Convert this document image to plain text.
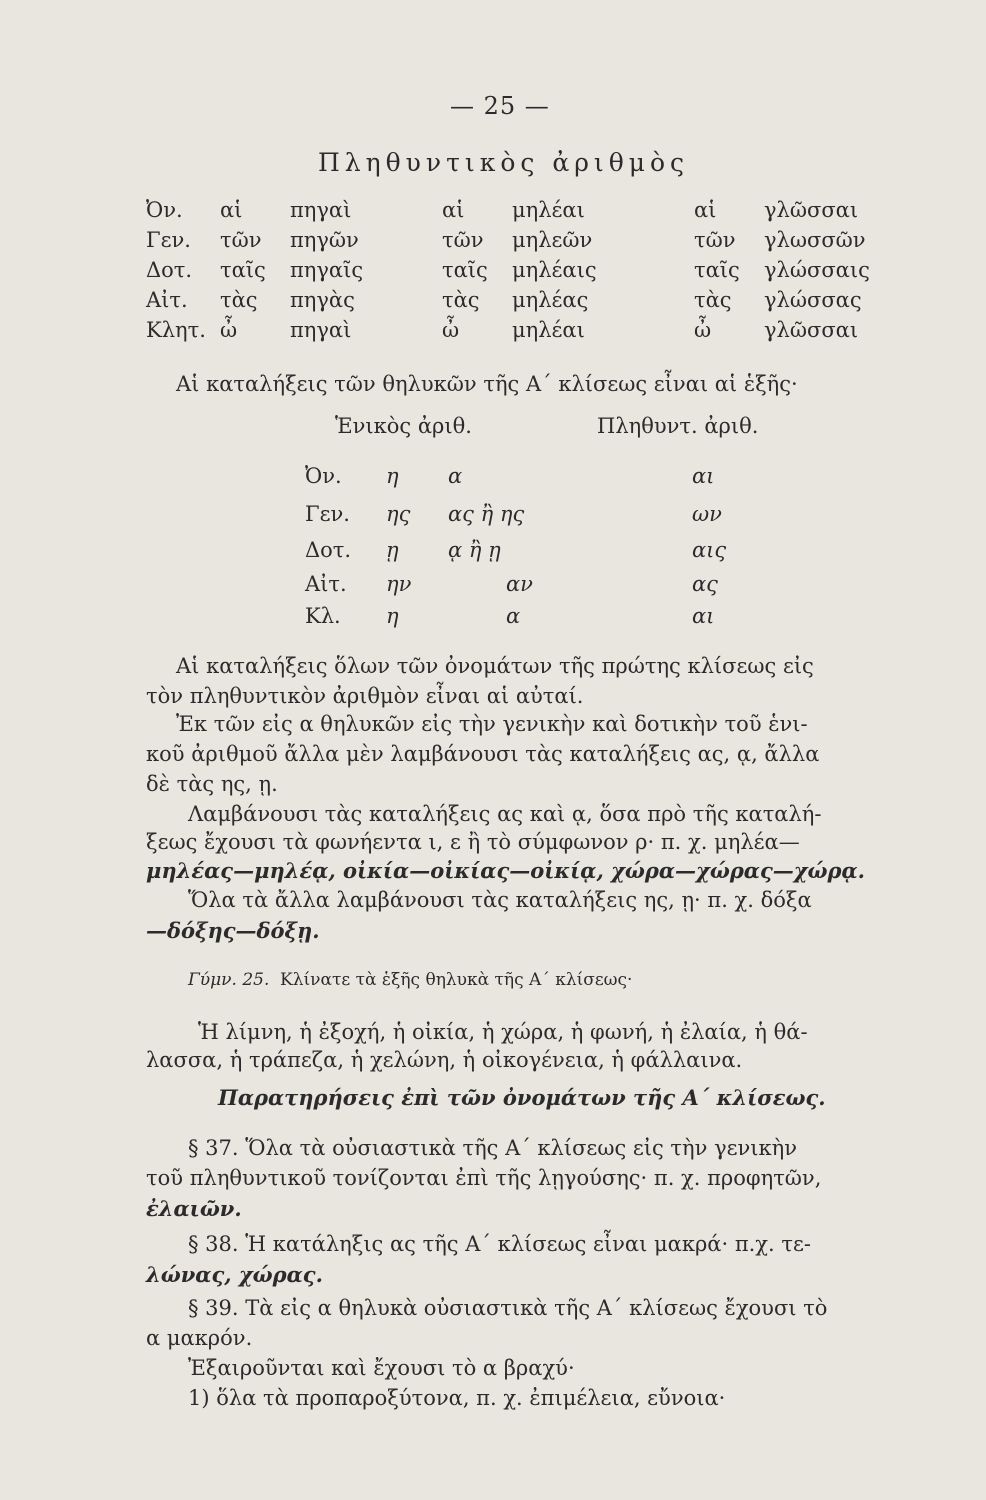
— 25 —
Πληθυντικὸς ἀριθμὸς
Ὀν. αἱ πηγαὶ	αἱ μηλέαι	αἱ γλῶσσαι
Γεν. τῶν πηγῶν	τῶν μηλεῶν	τῶν γλωσσῶν
Δοτ. ταῖς πηγαῖς	ταῖς μηλέαις	ταῖς γλώσσαις
Αἰτ. τὰς πηγὰς	τὰς μηλέας	τὰς γλώσσας
Κλητ. ὦ	πηγαὶ	ὦ	μηλέαι	ὦ	γλῶσσαι
Αἱ καταλήξεις τῶν θηλυκῶν τῆς Α΄ κλίσεως εἶναι αἱ ἑξῆς·
Ἑνικὸς ἀριθ.	Πληθυντ. ἀριθ.
Ὀν. η α	αι
Γεν. ης ας ἢ ης	ων
Δοτ. ῃ ᾳ ἢ ῃ	αις
Αἰτ. ην	αν	ας
Κλ. η	α	αι
Αἱ καταλήξεις ὅλων τῶν ὀνομάτων τῆς πρώτης κλίσεως εἰς
τὸν πληθυντικὸν ἀριθμὸν εἶναι αἱ αὐταί.
Ἐκ τῶν εἰς α θηλυκῶν εἰς τὴν γενικὴν καὶ δοτικὴν τοῦ ἑνι-
κοῦ ἀριθμοῦ ἄλλα μὲν λαμβάνουσι τὰς καταλήξεις ας, ᾳ, ἄλλα
δὲ τὰς ης, ῃ.
Λαμβάνουσι τὰς καταλήξεις ας καὶ ᾳ, ὅσα πρὸ τῆς καταλή-
ξεως ἔχουσι τὰ φωνήεντα ι, ε ἢ τὸ σύμφωνον ρ· π. χ. μηλέα—
μηλέας—μηλέᾳ, οἰκία—οἰκίας—οἰκίᾳ, χώρα—χώρας—χώρᾳ.
Ὅλα τὰ ἄλλα λαμβάνουσι τὰς καταλήξεις ης, ῃ· π. χ. δόξα
—δόξης—δόξῃ.
Γύμν. 25. Κλίνατε τὰ ἑξῆς θηλυκὰ τῆς Α΄ κλίσεως·
Ἡ λίμνη, ἡ ἐξοχή, ἡ οἰκία, ἡ χώρα, ἡ φωνή, ἡ ἐλαία, ἡ θά-
λασσα, ἡ τράπεζα, ἡ χελώνη, ἡ οἰκογένεια, ἡ φάλλαινα.
Παρατηρήσεις ἐπὶ τῶν ὀνομάτων τῆς Α΄ κλίσεως.
§ 37. Ὅλα τὰ οὐσιαστικὰ τῆς Α΄ κλίσεως εἰς τὴν γενικὴν
τοῦ πληθυντικοῦ τονίζονται ἐπὶ τῆς λῃγούσης· π. χ. προφητῶν,
ἐλαιῶν.
§ 38. Ἡ κατάληξις ας τῆς Α΄ κλίσεως εἶναι μακρά· π.χ. τε-
λώνας, χώρας.
§ 39. Τὰ εἰς α θηλυκὰ οὐσιαστικὰ τῆς Α΄ κλίσεως ἔχουσι τὸ
α μακρόν.
Ἐξαιροῦνται καὶ ἔχουσι τὸ α βραχύ·
1) ὅλα τὰ προπαροξύτονα, π. χ. ἐπιμέλεια, εὔνοια·
